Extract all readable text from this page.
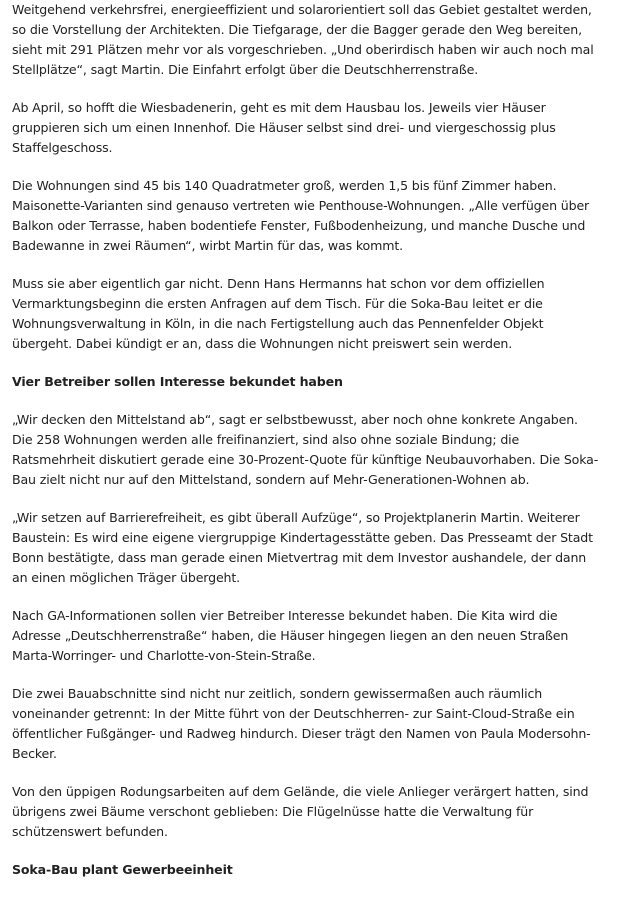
Weitgehend verkehrsfrei, energieeffizient und solarorientiert soll das Gebiet gestaltet werden, so die Vorstellung der Architekten. Die Tiefgarage, der die Bagger gerade den Weg bereiten, sieht mit 291 Plätzen mehr vor als vorgeschrieben. „Und oberirdisch haben wir auch noch mal Stellplätze“, sagt Martin. Die Einfahrt erfolgt über die Deutschherrenstraße.

Ab April, so hofft die Wiesbadenerin, geht es mit dem Hausbau los. Jeweils vier Häuser gruppieren sich um einen Innenhof. Die Häuser selbst sind drei- und viergeschossig plus Staffelgeschoss.

Die Wohnungen sind 45 bis 140 Quadratmeter groß, werden 1,5 bis fünf Zimmer haben. Maisonette-Varianten sind genauso vertreten wie Penthouse-Wohnungen. „Alle verfügen über Balkon oder Terrasse, haben bodentiefe Fenster, Fußbodenheizung, und manche Dusche und Badewanne in zwei Räumen“, wirbt Martin für das, was kommt.

Muss sie aber eigentlich gar nicht. Denn Hans Hermanns hat schon vor dem offiziellen Vermarktungsbeginn die ersten Anfragen auf dem Tisch. Für die Soka-Bau leitet er die Wohnungsverwaltung in Köln, in die nach Fertigstellung auch das Pennenfelder Objekt übergeht. Dabei kündigt er an, dass die Wohnungen nicht preiswert sein werden.

Vier Betreiber sollen Interesse bekundet haben

„Wir decken den Mittelstand ab“, sagt er selbstbewusst, aber noch ohne konkrete Angaben. Die 258 Wohnungen werden alle freifinanziert, sind also ohne soziale Bindung; die Ratsmehrheit diskutiert gerade eine 30-Prozent-Quote für künftige Neubauvorhaben. Die Soka-Bau zielt nicht nur auf den Mittelstand, sondern auf Mehr-Generationen-Wohnen ab.

„Wir setzen auf Barrierefreiheit, es gibt überall Aufzüge“, so Projektplanerin Martin. Weiterer Baustein: Es wird eine eigene viergruppige Kindertagesstätte geben. Das Presseamt der Stadt Bonn bestätigte, dass man gerade einen Mietvertrag mit dem Investor aushandele, der dann an einen möglichen Träger übergeht.

Nach GA-Informationen sollen vier Betreiber Interesse bekundet haben. Die Kita wird die Adresse „Deutschherrenstraße“ haben, die Häuser hingegen liegen an den neuen Straßen Marta-Worringer- und Charlotte-von-Stein-Straße.

Die zwei Bauabschnitte sind nicht nur zeitlich, sondern gewissermaßen auch räumlich voneinander getrennt: In der Mitte führt von der Deutschherren- zur Saint-Cloud-Straße ein öffentlicher Fußgänger- und Radweg hindurch. Dieser trägt den Namen von Paula Modersohn-Becker.

Von den üppigen Rodungsarbeiten auf dem Gelände, die viele Anlieger verärgert hatten, sind übrigens zwei Bäume verschont geblieben: Die Flügelnüsse hatte die Verwaltung für schützenswert befunden.

Soka-Bau plant Gewerbeeinheit
